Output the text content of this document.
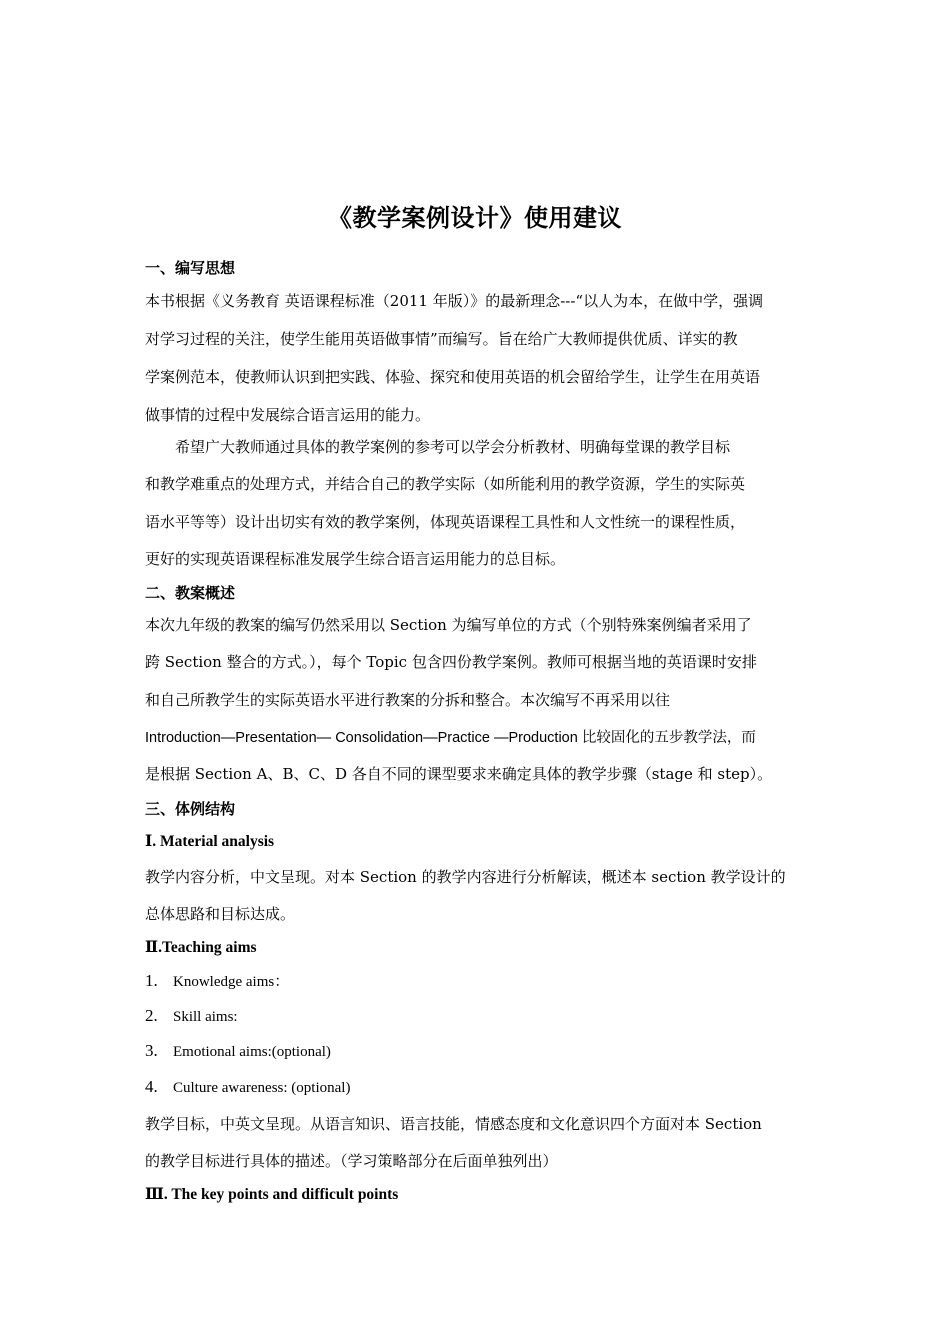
《教学案例设计》使用建议
一、编写思想
本书根据《义务教育 英语课程标准（2011 年版）》的最新理念---“以人为本，在做中学，强调
对学习过程的关注，使学生能用英语做事情”而编写。旨在给广大教师提供优质、详实的教
学案例范本，使教师认识到把实践、体验、探究和使用英语的机会留给学生，让学生在用英语
做事情的过程中发展综合语言运用的能力。
希望广大教师通过具体的教学案例的参考可以学会分析教材、明确每堂课的教学目标
和教学难重点的处理方式，并结合自己的教学实际（如所能利用的教学资源，学生的实际英
语水平等等）设计出切实有效的教学案例，体现英语课程工具性和人文性统一的课程性质，
更好的实现英语课程标准发展学生综合语言运用能力的总目标。
二、教案概述
本次九年级的教案的编写仍然采用以 Section 为编写单位的方式（个别特殊案例编者采用了
跨 Section 整合的方式。），每个 Topic 包含四份教学案例。教师可根据当地的英语课时安排
和自己所教学生的实际英语水平进行教案的分拆和整合。本次编写不再采用以往
Introduction—Presentation— Consolidation—Practice —Production 比较固化的五步教学法，而
是根据 Section A、B、C、D 各自不同的课型要求来确定具体的教学步骤（stage 和 step）。
三、体例结构
Ⅰ. Material analysis
教学内容分析，中文呈现。对本 Section 的教学内容进行分析解读，概述本 section 教学设计的
总体思路和目标达成。
Ⅱ.Teaching aims
1. Knowledge aims：
2. Skill aims:
3. Emotional aims:(optional)
4. Culture awareness: (optional)
教学目标，中英文呈现。从语言知识、语言技能，情感态度和文化意识四个方面对本 Section
的教学目标进行具体的描述。（学习策略部分在后面单独列出）
Ⅲ. The key points and difficult points
